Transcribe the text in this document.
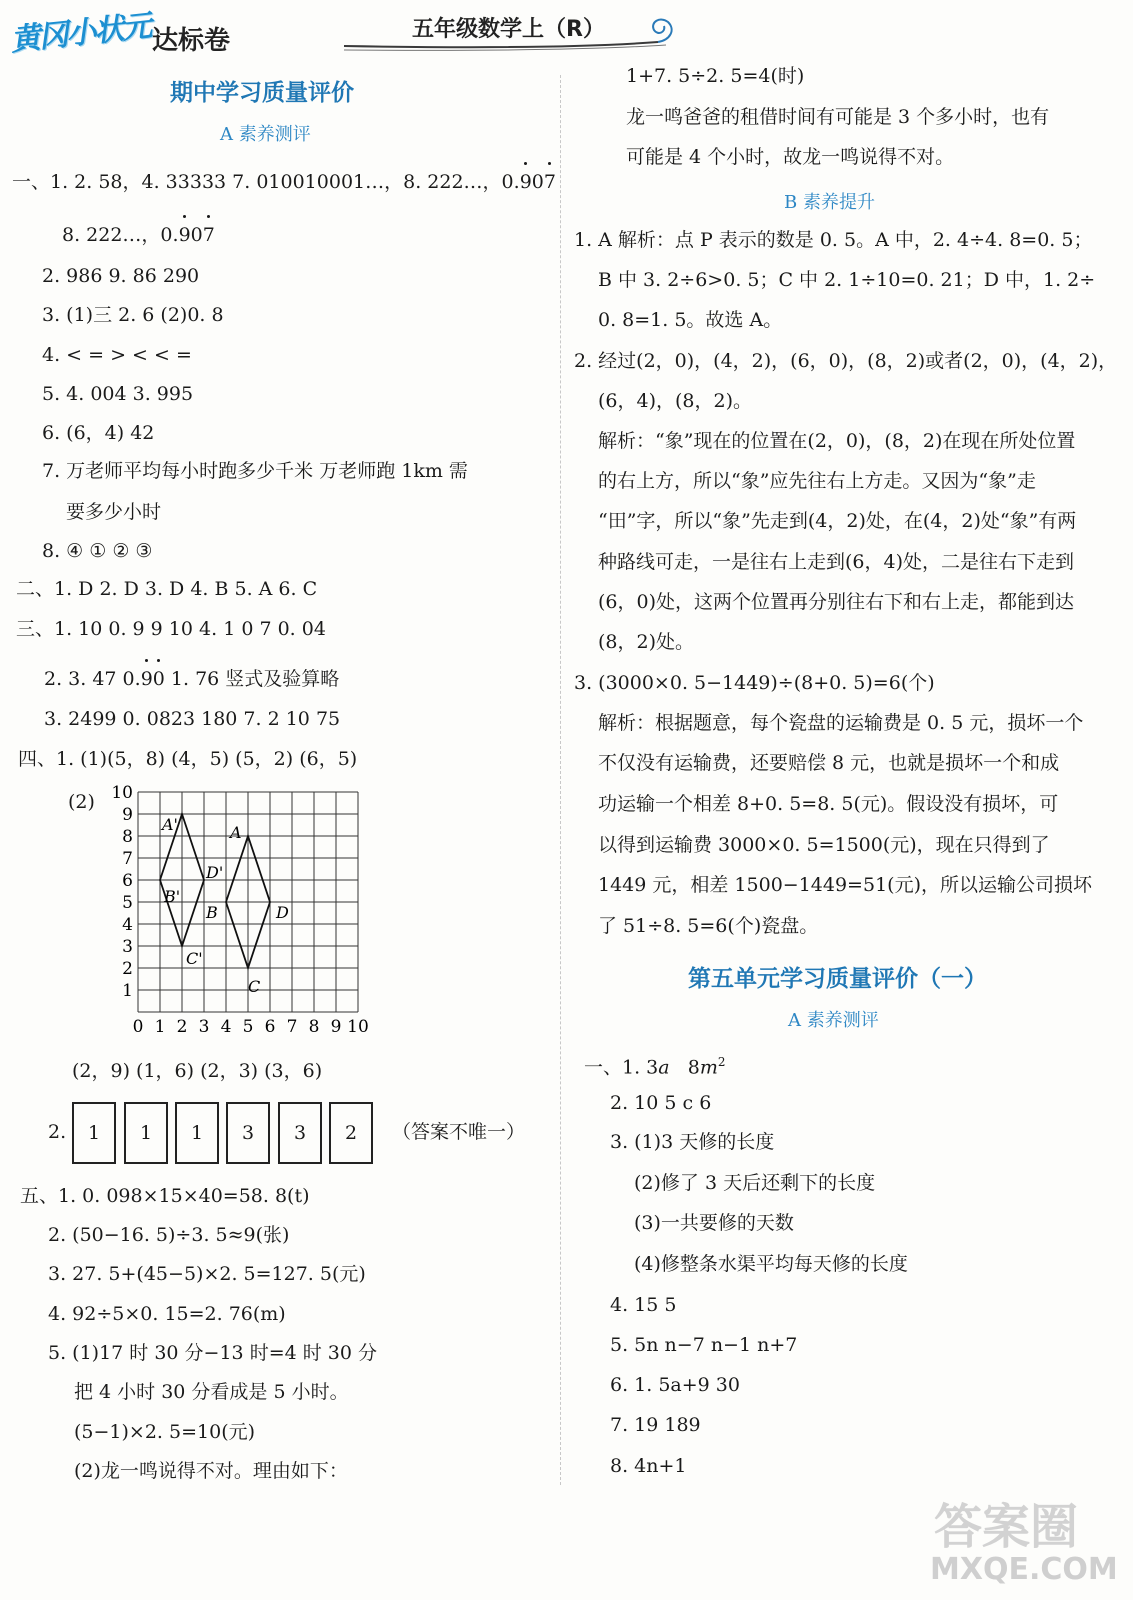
黄冈小状元 达标卷	五年级数学上（R）
期中学习质量评价
A 素养测评
一、1. 2. 58，4. 33333 7. 010010001…，8. 222…，0.
90
7
8. 222…，0.
90
7
2. 986 9. 86 290
3. (1)三 2. 6 (2)0. 8
4. < = > < < =
5. 4. 004 3. 995
6. (6，4) 42
7. 万老师平均每小时跑多少千米 万老师跑 1km 需
要多少小时
8. ④ ① ② ③
二、1. D 2. D 3. D 4. B 5. A 6. C
三、1. 10 0. 9 9 10 4. 1 0 7 0. 04
2. 3. 47 0.
9
0 1. 76 竖式及验算略
3. 2499 0. 0823 180 7. 2 10 75
四、1. (1)(5，8) (4，5) (5，2) (6，5)
(2)
0 1 2 3 4 5 6 7 8 9 10
1
2
3
4
5
6
7
8
9
10
A'
B'
C'
D'
A
B
C
D
(2，9) (1，6) (2，3) (3，6)
2.	1	1	1	3	3	2	（答案不唯一）
五、1. 0. 098×15×40=58. 8(t)
2. (50−16. 5)÷3. 5≈9(张)
3. 27. 5+(45−5)×2. 5=127. 5(元)
4. 92÷5×0. 15=2. 76(m)
5. (1)17 时 30 分−13 时=4 时 30 分
把 4 小时 30 分看成是 5 小时。
(5−1)×2. 5=10(元)
(2)龙一鸣说得不对。理由如下：
1+7. 5÷2. 5=4(时)
龙一鸣爸爸的租借时间有可能是 3 个多小时，也有
可能是 4 个小时，故龙一鸣说得不对。
B 素养提升
1. A 解析：点 P 表示的数是 0. 5。A 中，2. 4÷4. 8=0. 5；
B 中 3. 2÷6>0. 5；C 中 2. 1÷10=0. 21；D 中，1. 2÷
0. 8=1. 5。故选 A。
2. 经过(2，0)，(4，2)，(6，0)，(8，2)或者(2，0)，(4，2)，
(6，4)，(8，2)。
解析：“象”现在的位置在(2，0)，(8，2)在现在所处位置
的右上方，所以“象”应先往右上方走。又因为“象”走
“田”字，所以“象”先走到(4，2)处，在(4，2)处“象”有两
种路线可走，一是往右上走到(6，4)处，二是往右下走到
(6，0)处，这两个位置再分别往右下和右上走，都能到达
(8，2)处。
3. (3000×0. 5−1449)÷(8+0. 5)=6(个)
解析：根据题意，每个瓷盘的运输费是 0. 5 元，损坏一个
不仅没有运输费，还要赔偿 8 元，也就是损坏一个和成
功运输一个相差 8+0. 5=8. 5(元)。假设没有损坏，可
以得到运输费 3000×0. 5=1500(元)，现在只得到了
1449 元，相差 1500−1449=51(元)，所以运输公司损坏
了 51÷8. 5=6(个)瓷盘。
第五单元学习质量评价（一）
A 素养测评
一、1. 3a   $8m^2$
2. 10 5 c 6
3. (1)3 天修的长度
(2)修了 3 天后还剩下的长度
(3)一共要修的天数
(4)修整条水渠平均每天修的长度
4. 15 5
5. 5n n−7 n−1 n+7
6. 1. 5a+9 30
7. 19 189
8. 4n+1
答案圈
MXQE.COM
